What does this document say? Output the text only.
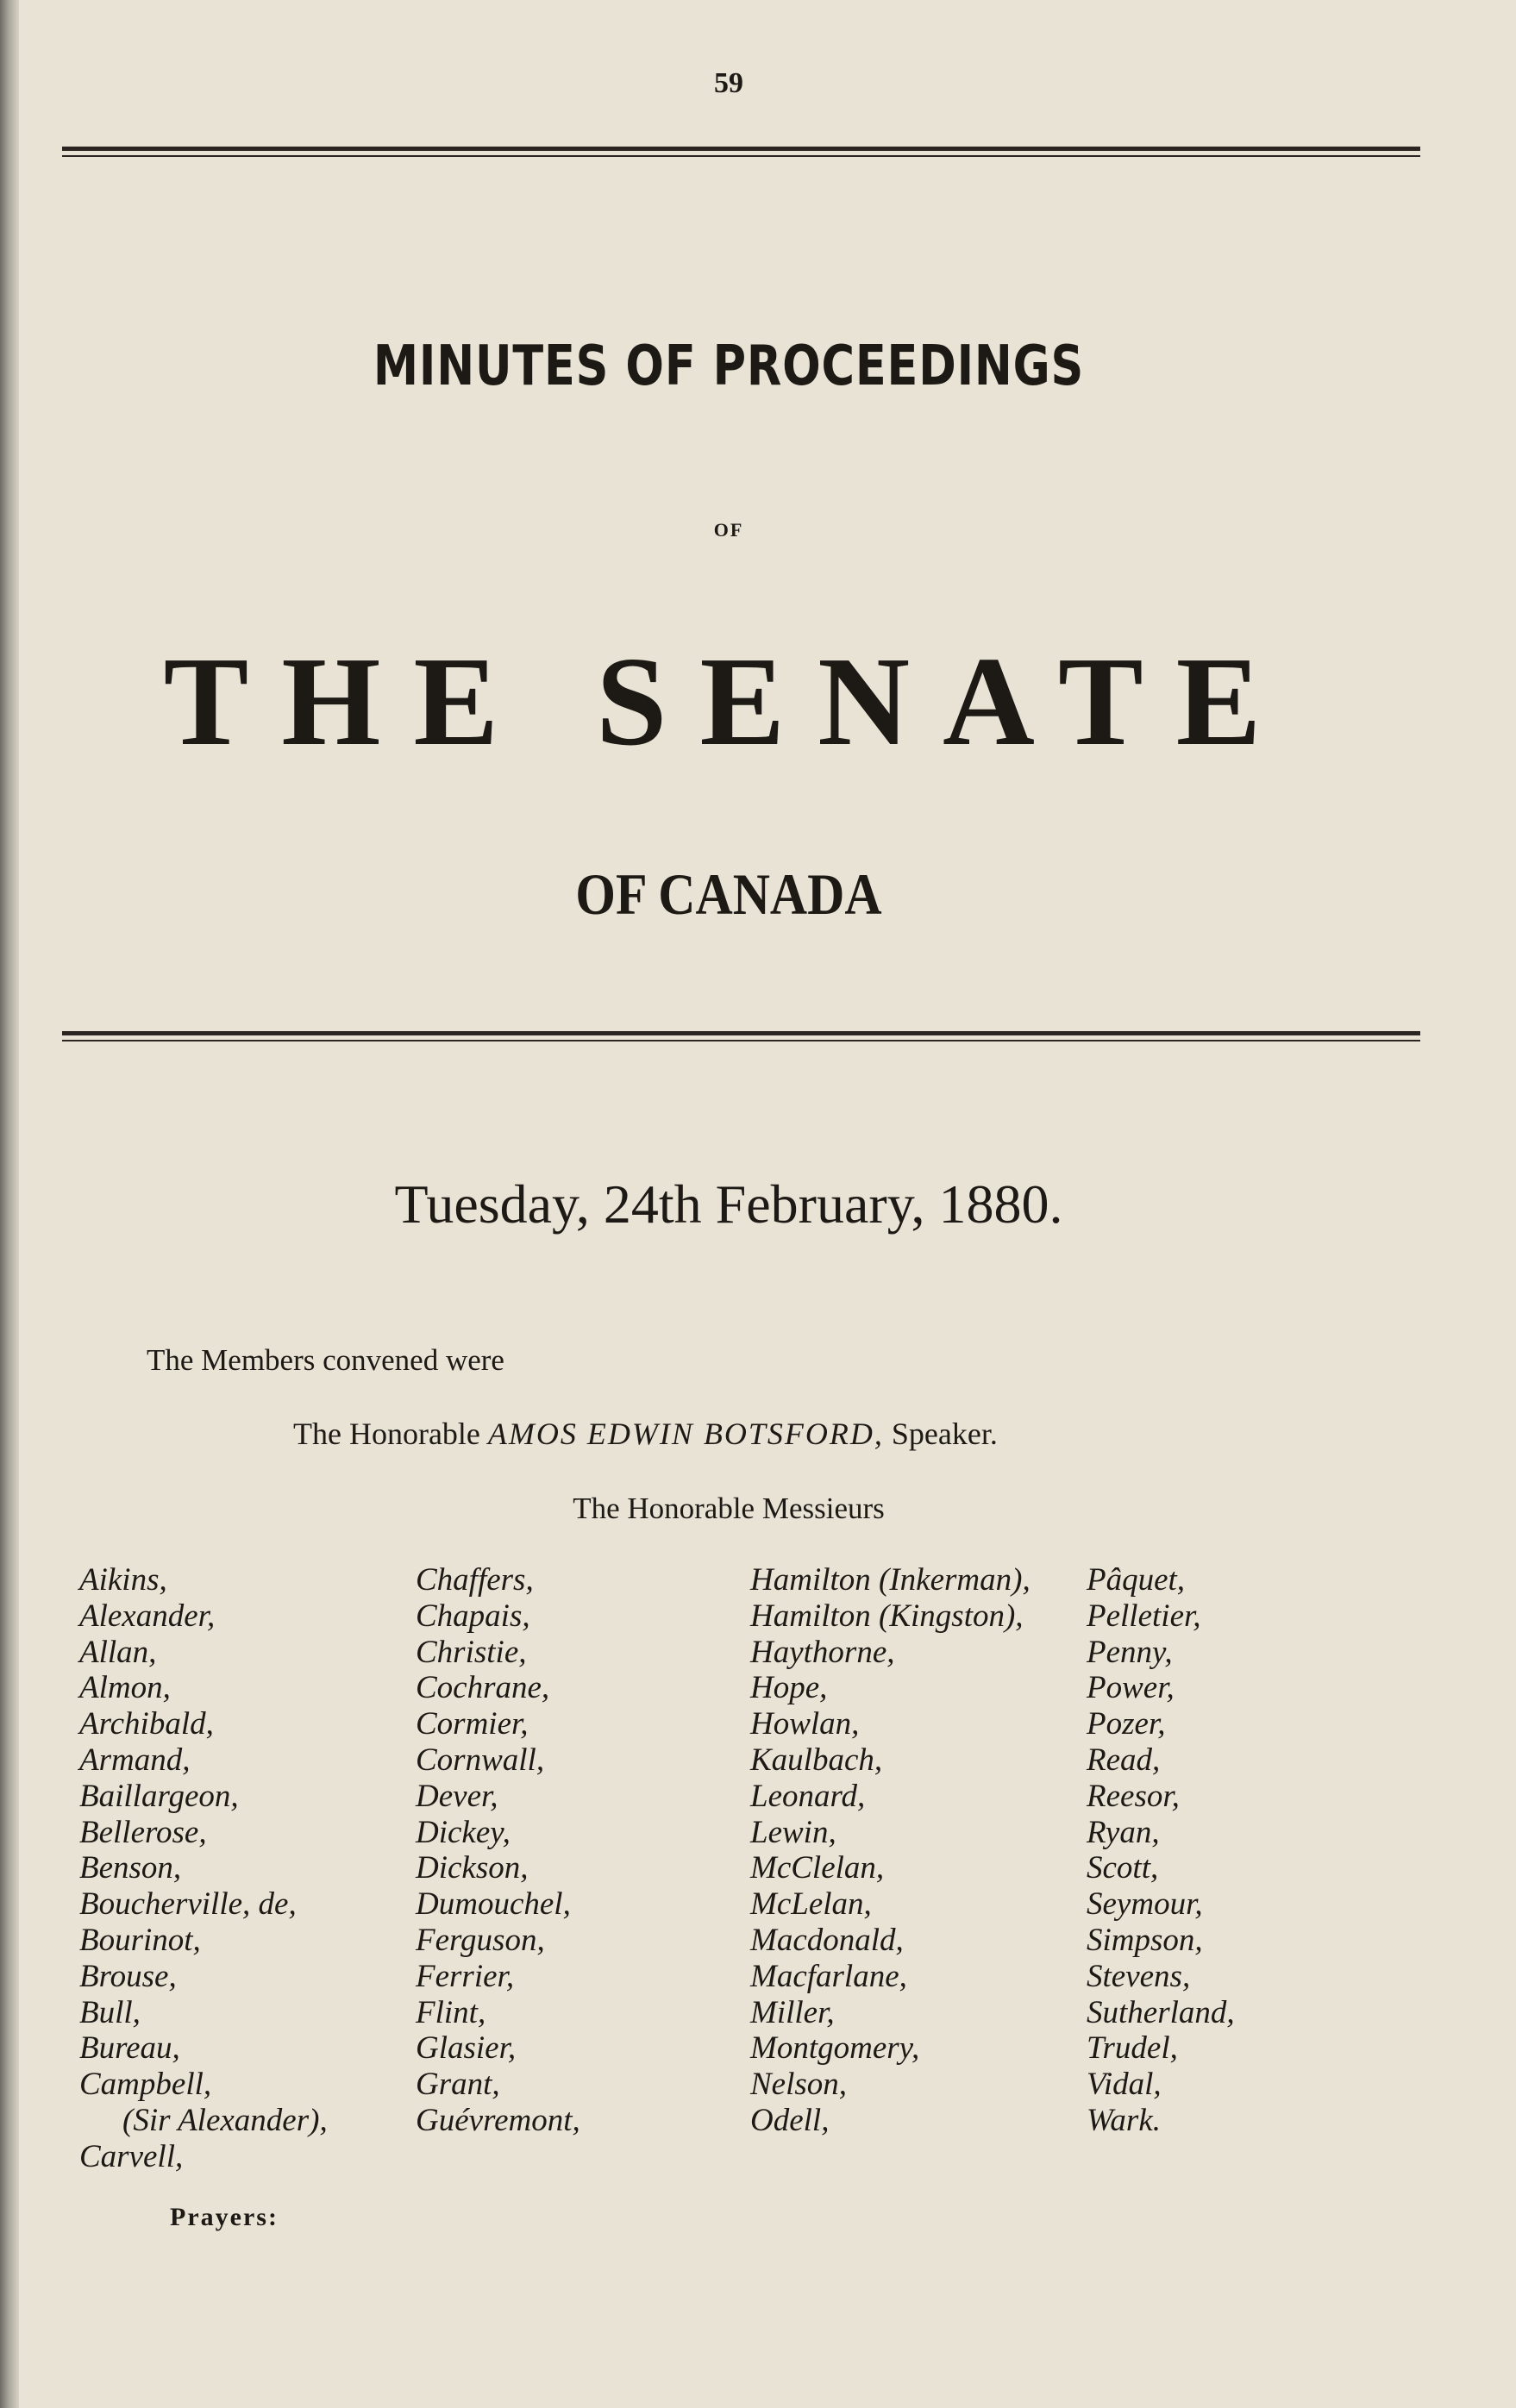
59
MINUTES OF PROCEEDINGS
OF
THE SENATE
OF CANADA
Tuesday, 24th February, 1880.
The Members convened were
The Honorable AMOS EDWIN BOTSFORD, Speaker.
The Honorable Messieurs
Aikins,
Alexander,
Allan,
Almon,
Archibald,
Armand,
Baillargeon,
Bellerose,
Benson,
Boucherville, de,
Bourinot,
Brouse,
Bull,
Bureau,
Campbell,
(Sir Alexander),
Carvell,
Chaffers,
Chapais,
Christie,
Cochrane,
Cormier,
Cornwall,
Dever,
Dickey,
Dickson,
Dumouchel,
Ferguson,
Ferrier,
Flint,
Glasier,
Grant,
Guévremont,
Hamilton (Inkerman),
Hamilton (Kingston),
Haythorne,
Hope,
Howlan,
Kaulbach,
Leonard,
Lewin,
McClelan,
McLelan,
Macdonald,
Macfarlane,
Miller,
Montgomery,
Nelson,
Odell,
Pâquet,
Pelletier,
Penny,
Power,
Pozer,
Read,
Reesor,
Ryan,
Scott,
Seymour,
Simpson,
Stevens,
Sutherland,
Trudel,
Vidal,
Wark.
Prayers:
